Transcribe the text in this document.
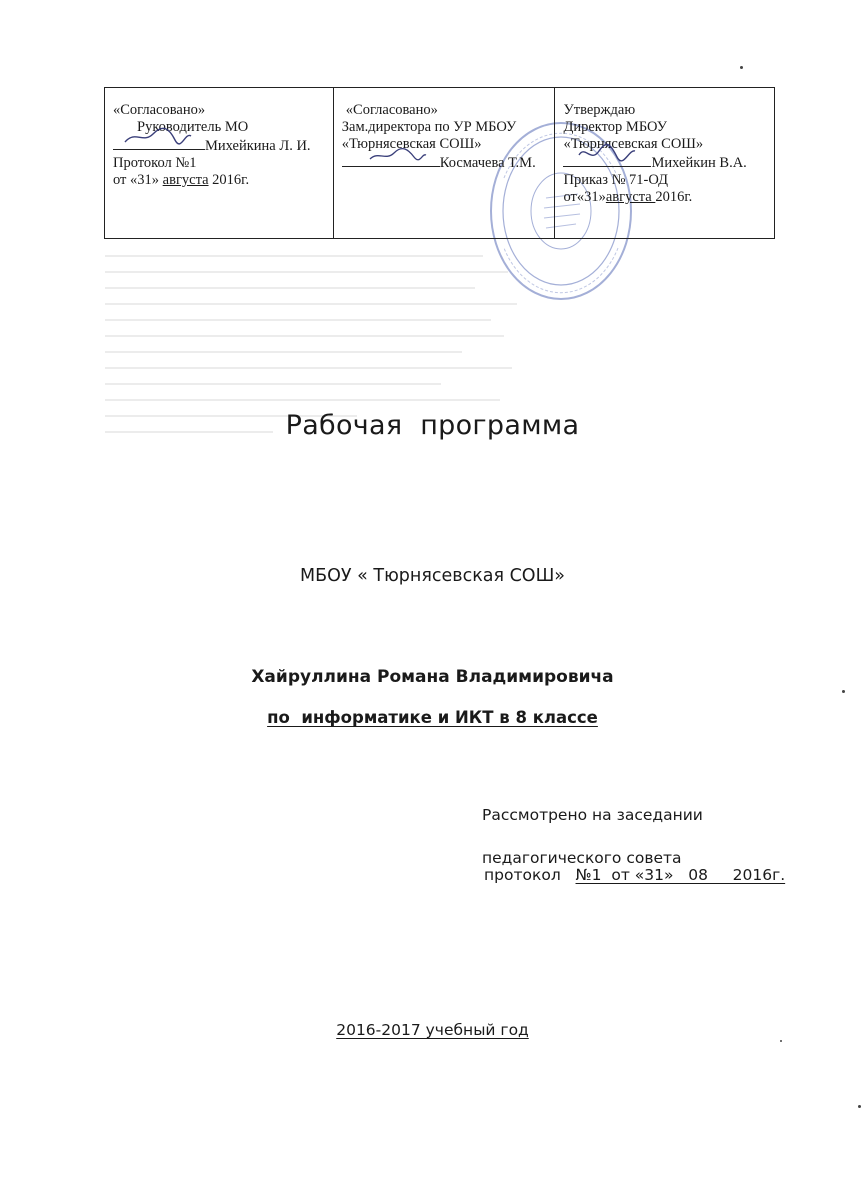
«Согласовано»
Руководитель МО
Михейкина Л. И.
Протокол №1
от «31» августа 2016г.

«Согласовано»
Зам.директора по УР МБОУ
«Тюрнясевская СОШ»
Космачева Т.М.

Утверждаю
Директор МБОУ
«Тюрнясевская СОШ»
Михейкин В.А.
Приказ № 71-ОД
от«31»августа 2016г.
Рабочая  программа
МБОУ « Тюрнясевская СОШ»
Хайруллина Романа Владимировича
по  информатике и ИКТ в 8 классе
Рассмотрено на заседании
педагогического совета
протокол   №1  от «31»   08     2016г.
2016-2017 учебный год
